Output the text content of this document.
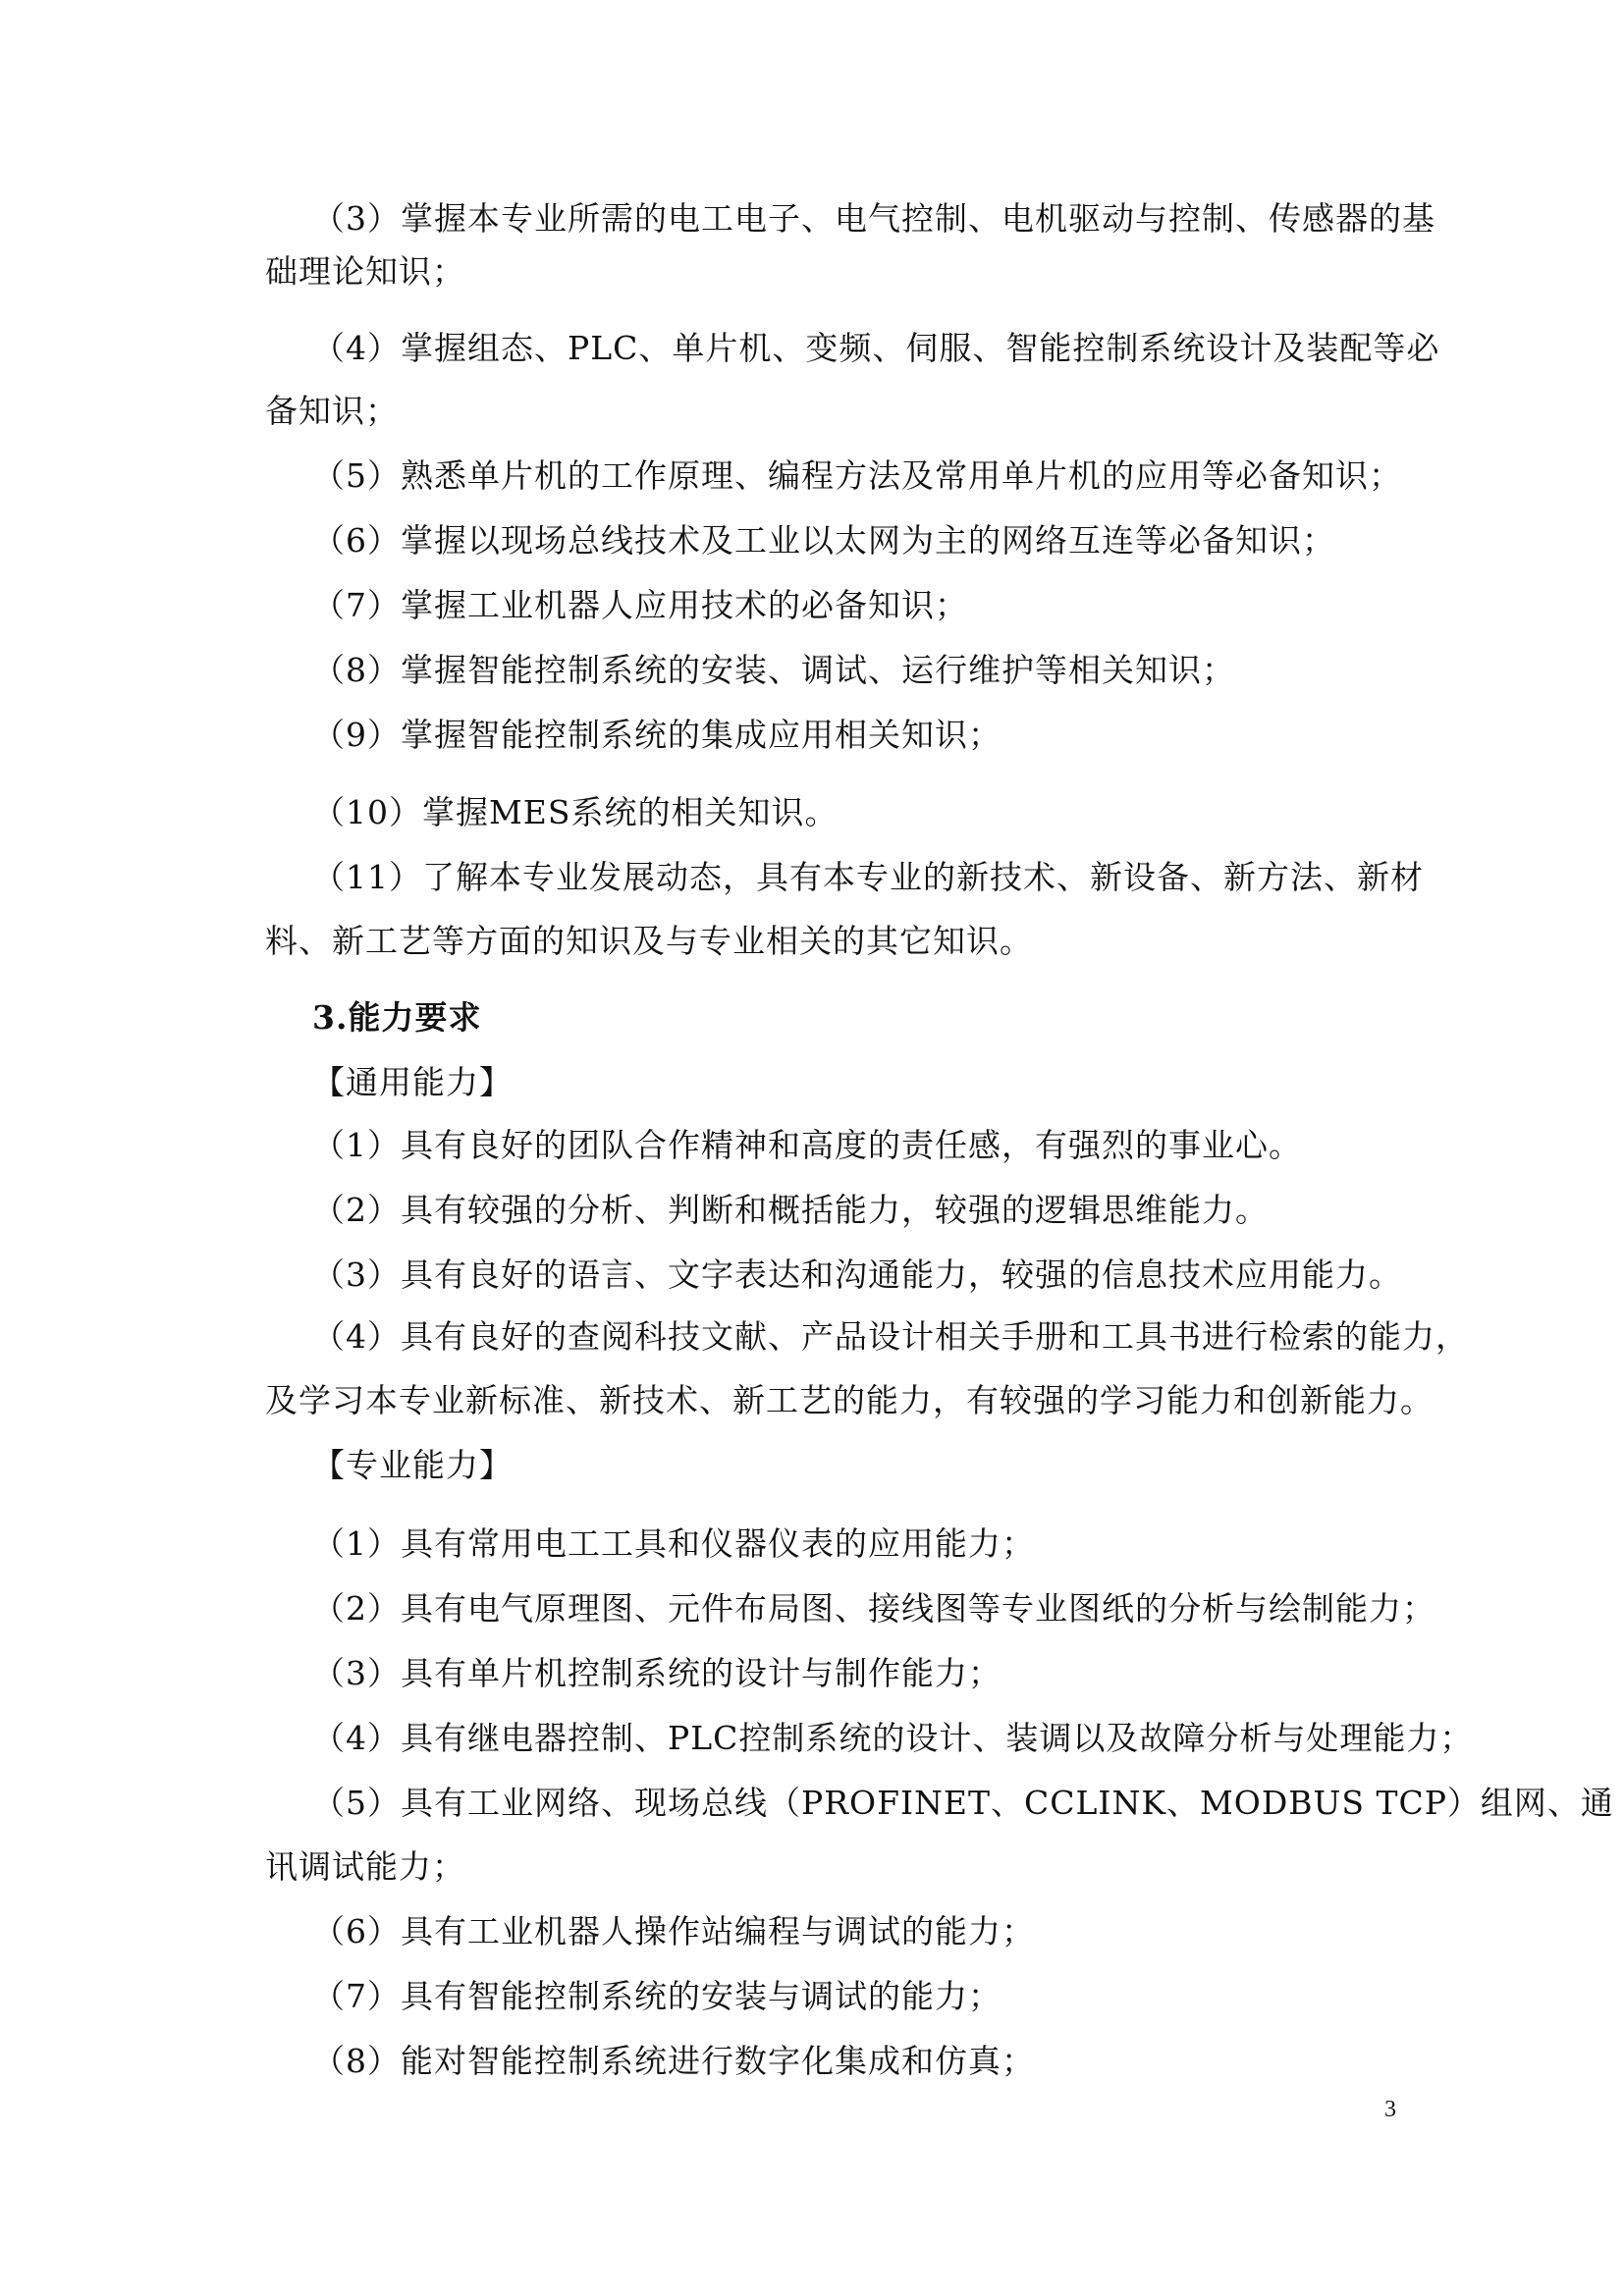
（3）掌握本专业所需的电工电子、电气控制、电机驱动与控制、传感器的基
础理论知识；
（4）掌握组态、PLC、单片机、变频、伺服、智能控制系统设计及装配等必
备知识；
（5）熟悉单片机的工作原理、编程方法及常用单片机的应用等必备知识；
（6）掌握以现场总线技术及工业以太网为主的网络互连等必备知识；
（7）掌握工业机器人应用技术的必备知识；
（8）掌握智能控制系统的安装、调试、运行维护等相关知识；
（9）掌握智能控制系统的集成应用相关知识；
（10）掌握MES系统的相关知识。
（11）了解本专业发展动态，具有本专业的新技术、新设备、新方法、新材
料、新工艺等方面的知识及与专业相关的其它知识。
3.能力要求
【通用能力】
（1）具有良好的团队合作精神和高度的责任感，有强烈的事业心。
（2）具有较强的分析、判断和概括能力，较强的逻辑思维能力。
（3）具有良好的语言、文字表达和沟通能力，较强的信息技术应用能力。
（4）具有良好的查阅科技文献、产品设计相关手册和工具书进行检索的能力，
及学习本专业新标准、新技术、新工艺的能力，有较强的学习能力和创新能力。
【专业能力】
（1）具有常用电工工具和仪器仪表的应用能力；
（2）具有电气原理图、元件布局图、接线图等专业图纸的分析与绘制能力；
（3）具有单片机控制系统的设计与制作能力；
（4）具有继电器控制、PLC控制系统的设计、装调以及故障分析与处理能力；
（5）具有工业网络、现场总线（PROFINET、CCLINK、MODBUS TCP）组网、通
讯调试能力；
（6）具有工业机器人操作站编程与调试的能力；
（7）具有智能控制系统的安装与调试的能力；
（8）能对智能控制系统进行数字化集成和仿真；
3
